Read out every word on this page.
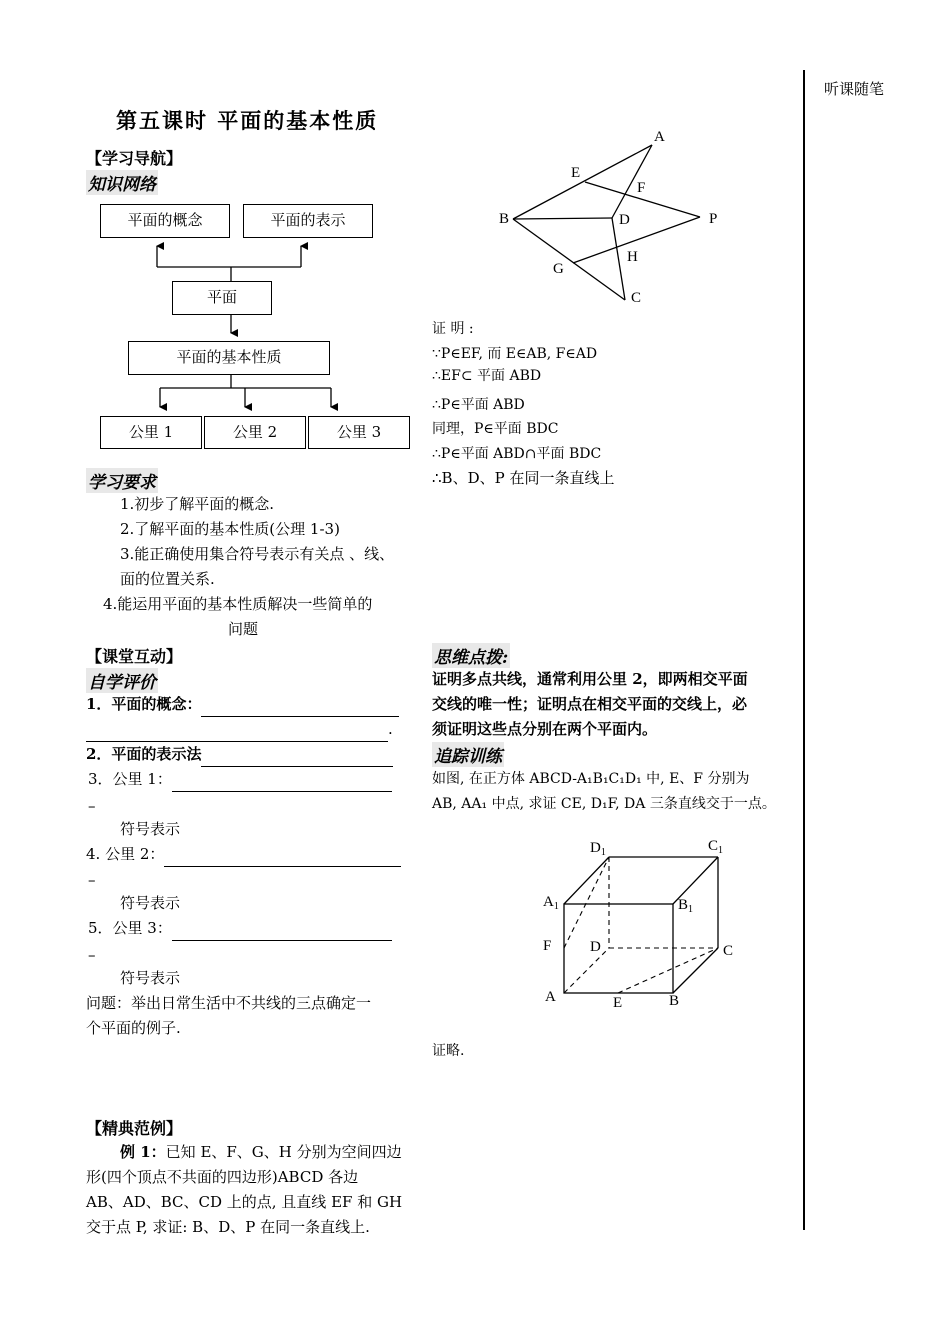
听课随笔
第五课时 平面的基本性质
【学习导航】
知识网络
平面的概念	平面的表示
平面
平面的基本性质
公里 1	公里 2	公里 3
学习要求
1.初步了解平面的概念.
2.了解平面的基本性质(公理 1-3)
3.能正确使用集合符号表示有关点 、线、
面的位置关系.
4.能运用平面的基本性质解决一些简单的
问题
【课堂互动】
自学评价
1．平面的概念：
.
2．平面的表示法
3．公里 1：
–
符号表示
4. 公里 2：
–
符号表示
5．公里 3：
–
符号表示
问题：举出日常生活中不共线的三点确定一
个平面的例子.
【精典范例】
例 1：已知 E、F、G、H 分别为空间四边
形(四个顶点不共面的四边形)ABCD 各边
AB、AD、BC、CD 上的点, 且直线 EF 和 GH
交于点 P, 求证: B、D、P 在同一条直线上.
A
E
F
B	D	P
G
H
C
证 明 :
∵P∈EF, 而 E∈AB, F∈AD
∴EF⊂ 平面 ABD
∴P∈平面 ABD
同理，P∈平面 BDC
∴P∈平面 ABD∩平面 BDC
∴B、D、P 在同一条直线上
思维点拨:
证明多点共线，通常利用公里 2，即两相交平面
交线的唯一性；证明点在相交平面的交线上，必
须证明这些点分别在两个平面内。
追踪训练
如图, 在正方体 ABCD-A₁B₁C₁D₁ 中, E、F 分别为
AB, AA₁ 中点, 求证 CE, D₁F, DA 三条直线交于一点。
$D_1$	$C_1$
$A_1$	$B_1$
F	D	C
A	E	B
证略.
